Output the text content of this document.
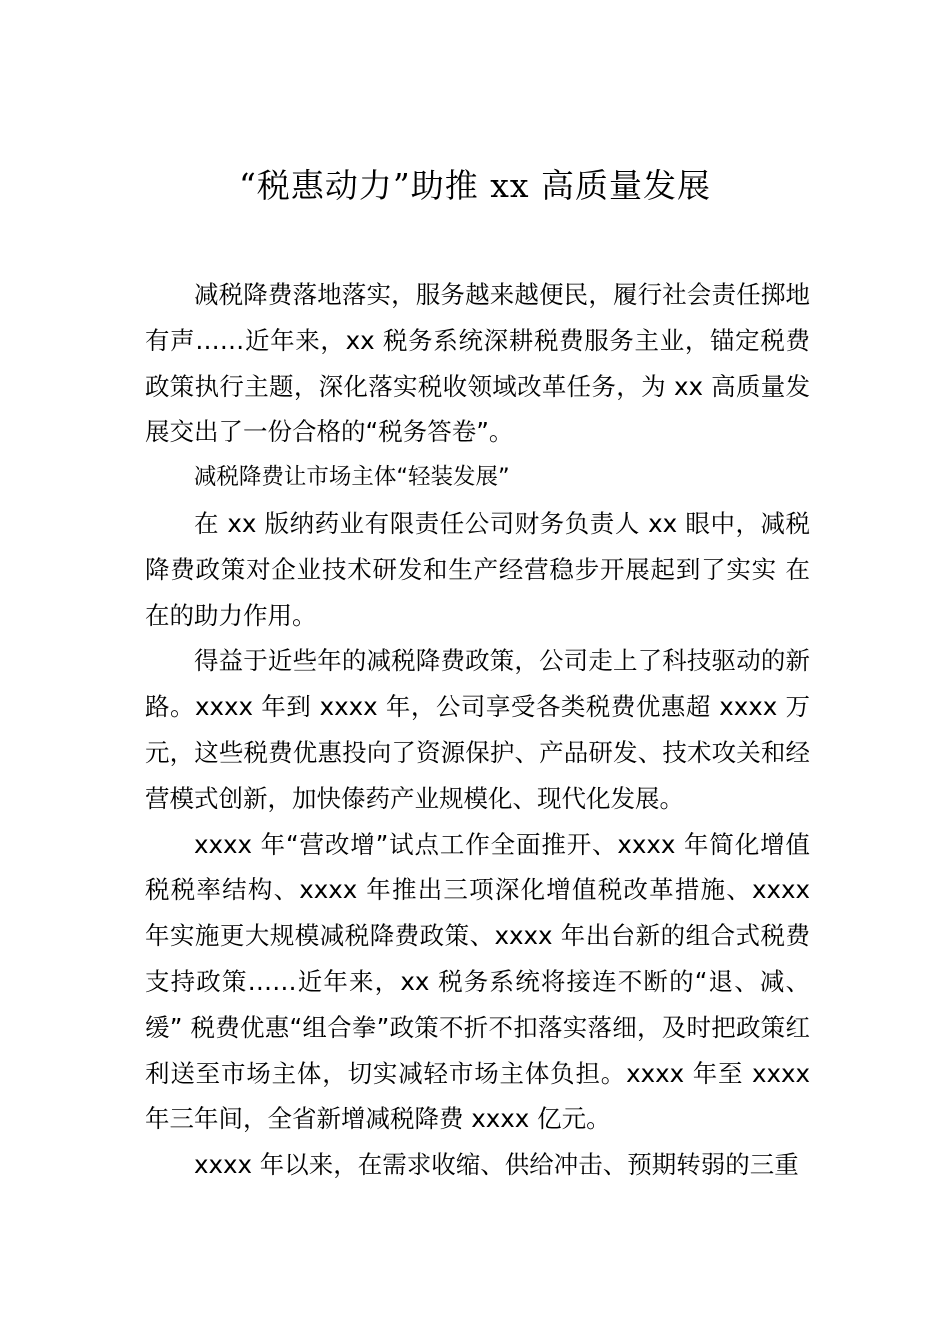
“税惠动力”助推 xx 高质量发展

减税降费落地落实，服务越来越便民，履行社会责任掷地有声……近年来，xx 税务系统深耕税费服务主业，锚定税费政策执行主题，深化落实税收领域改革任务，为 xx 高质量发展交出了一份合格的“税务答卷”。

减税降费让市场主体“轻装发展”

在 xx 版纳药业有限责任公司财务负责人 xx 眼中，减税降费政策对企业技术研发和生产经营稳步开展起到了实实 在在的助力作用。

得益于近些年的减税降费政策，公司走上了科技驱动的新路。xxxx 年到 xxxx 年，公司享受各类税费优惠超 xxxx 万元，这些税费优惠投向了资源保护、产品研发、技术攻关和经营模式创新，加快傣药产业规模化、现代化发展。

xxxx 年“营改增”试点工作全面推开、xxxx 年简化增值税税率结构、xxxx 年推出三项深化增值税改革措施、xxxx 年实施更大规模减税降费政策、xxxx 年出台新的组合式税费支持政策……近年来，xx 税务系统将接连不断的“退、减、缓” 税费优惠“组合拳”政策不折不扣落实落细，及时把政策红利送至市场主体，切实减轻市场主体负担。xxxx 年至 xxxx 年三年间，全省新增减税降费 xxxx 亿元。

xxxx 年以来，在需求收缩、供给冲击、预期转弱的三重
